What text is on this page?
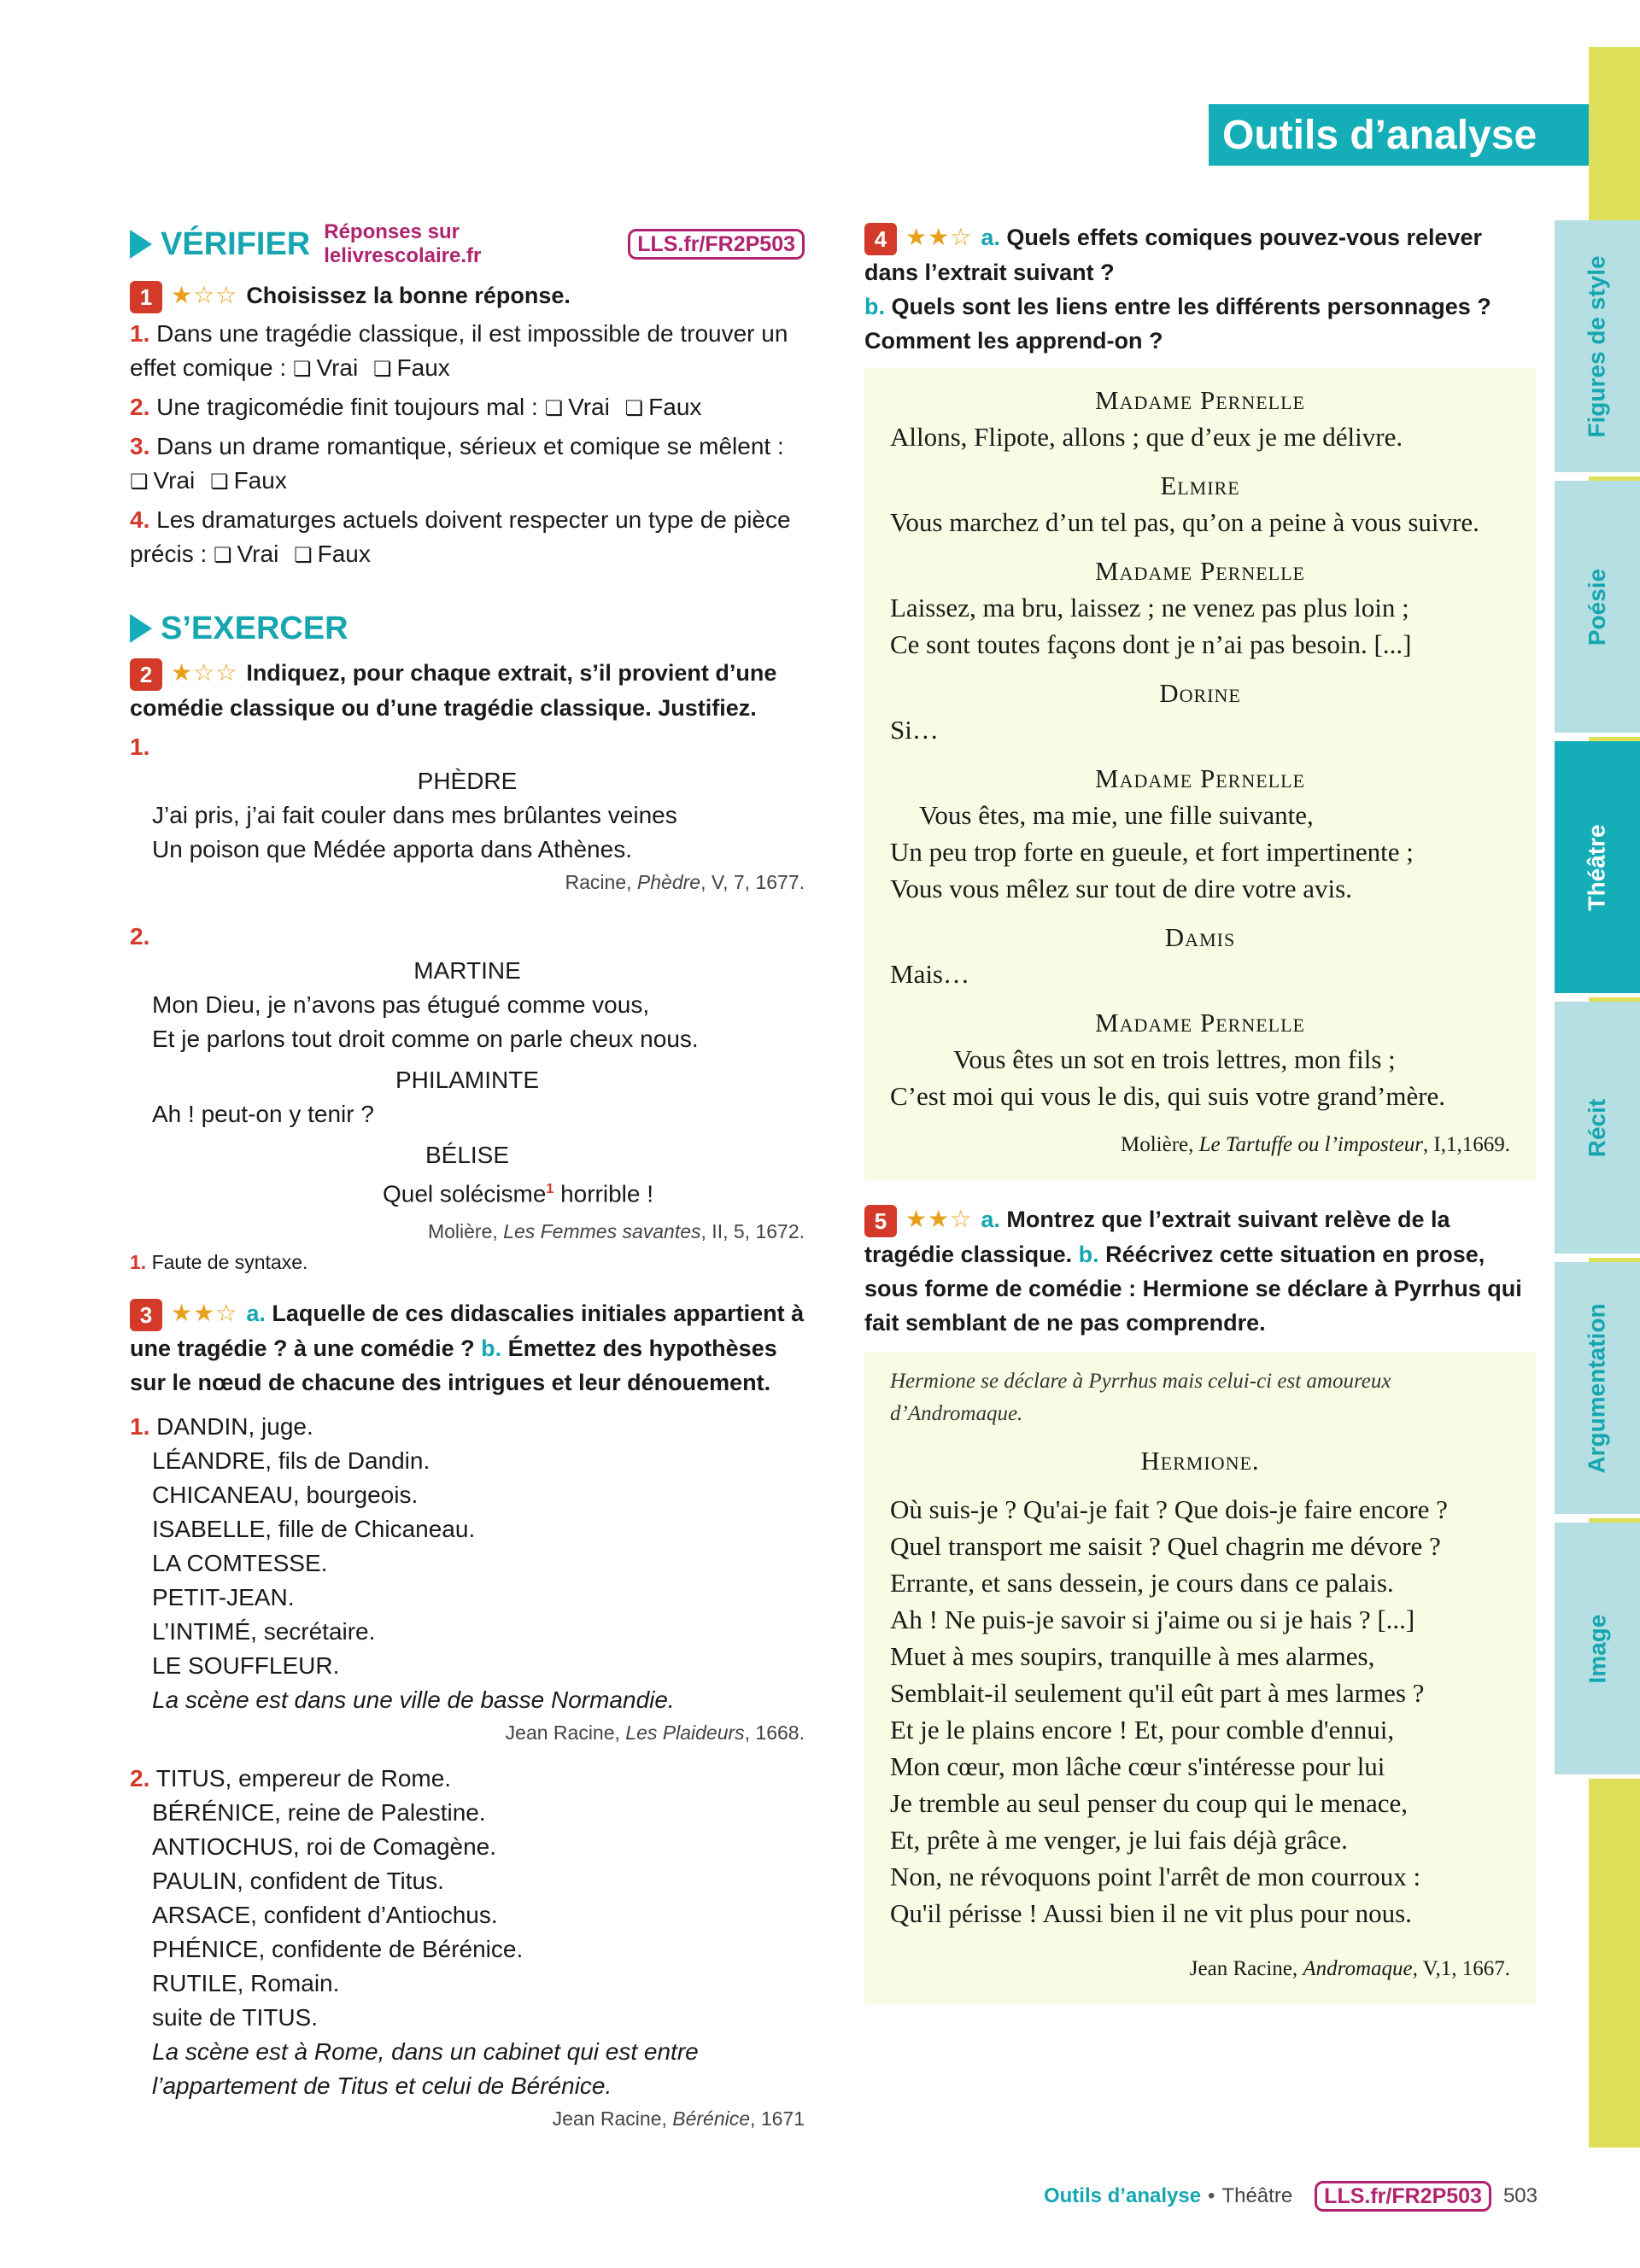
Figures de style
Poésie
Théâtre
Récit
Argumentation
Image
Outils d’analyse
VÉRIFIER Réponses sur lelivrescolaire.fr	LLS.fr/FR2P503
1 ★☆☆ Choisissez la bonne réponse.
1. Dans une tragédie classique, il est impossible de trouver un effet comique : ❏ Vrai ❏ Faux
2. Une tragicomédie finit toujours mal : ❏ Vrai ❏ Faux
3. Dans un drame romantique, sérieux et comique se mêlent :
❏ Vrai ❏ Faux
4. Les dramaturges actuels doivent respecter un type de pièce précis : ❏ Vrai ❏ Faux
S’EXERCER
2 ★☆☆ Indiquez, pour chaque extrait, s’il provient d’une comédie classique ou d’une tragédie classique. Justifiez.
1.
PHÈDRE
J’ai pris, j’ai fait couler dans mes brûlantes veines
Un poison que Médée apporta dans Athènes.
Racine, Phèdre, V, 7, 1677.
2.
MARTINE
Mon Dieu, je n’avons pas étugué comme vous,
Et je parlons tout droit comme on parle cheux nous.
PHILAMINTE
Ah ! peut-on y tenir ?
BÉLISE
Quel solécisme$^1$ horrible !
Molière, Les Femmes savantes, II, 5, 1672.
1. Faute de syntaxe.
3 ★★☆ a. Laquelle de ces didascalies initiales appartient à une tragédie ? à une comédie ? b. Émettez des hypothèses sur le nœud de chacune des intrigues et leur dénouement.
1. DANDIN, juge.
LÉANDRE, fils de Dandin.
CHICANEAU, bourgeois.
ISABELLE, fille de Chicaneau.
LA COMTESSE.
PETIT-JEAN.
L’INTIMÉ, secrétaire.
LE SOUFFLEUR.
La scène est dans une ville de basse Normandie.
Jean Racine, Les Plaideurs, 1668.
2. TITUS, empereur de Rome.
BÉRÉNICE, reine de Palestine.
ANTIOCHUS, roi de Comagène.
PAULIN, confident de Titus.
ARSACE, confident d’Antiochus.
PHÉNICE, confidente de Bérénice.
RUTILE, Romain.
suite de TITUS.
La scène est à Rome, dans un cabinet qui est entre
l’appartement de Titus et celui de Bérénice.
Jean Racine, Bérénice, 1671
4 ★★☆ a. Quels effets comiques pouvez-vous relever dans l’extrait suivant ?
b. Quels sont les liens entre les différents personnages ? Comment les apprend-on ?
Madame Pernelle
Allons, Flipote, allons ; que d’eux je me délivre.
Elmire
Vous marchez d’un tel pas, qu’on a peine à vous suivre.
Madame Pernelle
Laissez, ma bru, laissez ; ne venez pas plus loin ;
Ce sont toutes façons dont je n’ai pas besoin. [...]
Dorine
Si…
Madame Pernelle
Vous êtes, ma mie, une fille suivante,
Un peu trop forte en gueule, et fort impertinente ;
Vous vous mêlez sur tout de dire votre avis.
Damis
Mais…
Madame Pernelle
Vous êtes un sot en trois lettres, mon fils ;
C’est moi qui vous le dis, qui suis votre grand’mère.
Molière, Le Tartuffe ou l’imposteur, I,1,1669.
5 ★★☆ a. Montrez que l’extrait suivant relève de la tragédie classique. b. Réécrivez cette situation en prose, sous forme de comédie : Hermione se déclare à Pyrrhus qui fait semblant de ne pas comprendre.
Hermione se déclare à Pyrrhus mais celui-ci est amoureux d’Andromaque.
Hermione.
Où suis-je ? Qu'ai-je fait ? Que dois-je faire encore ?
Quel transport me saisit ? Quel chagrin me dévore ?
Errante, et sans dessein, je cours dans ce palais.
Ah ! Ne puis-je savoir si j'aime ou si je hais ? [...]
Muet à mes soupirs, tranquille à mes alarmes,
Semblait-il seulement qu'il eût part à mes larmes ?
Et je le plains encore ! Et, pour comble d'ennui,
Mon cœur, mon lâche cœur s'intéresse pour lui
Je tremble au seul penser du coup qui le menace,
Et, prête à me venger, je lui fais déjà grâce.
Non, ne révoquons point l'arrêt de mon courroux :
Qu'il périsse ! Aussi bien il ne vit plus pour nous.
Jean Racine, Andromaque, V,1, 1667.
Outils d’analyse • Théâtre	LLS.fr/FR2P503	503
